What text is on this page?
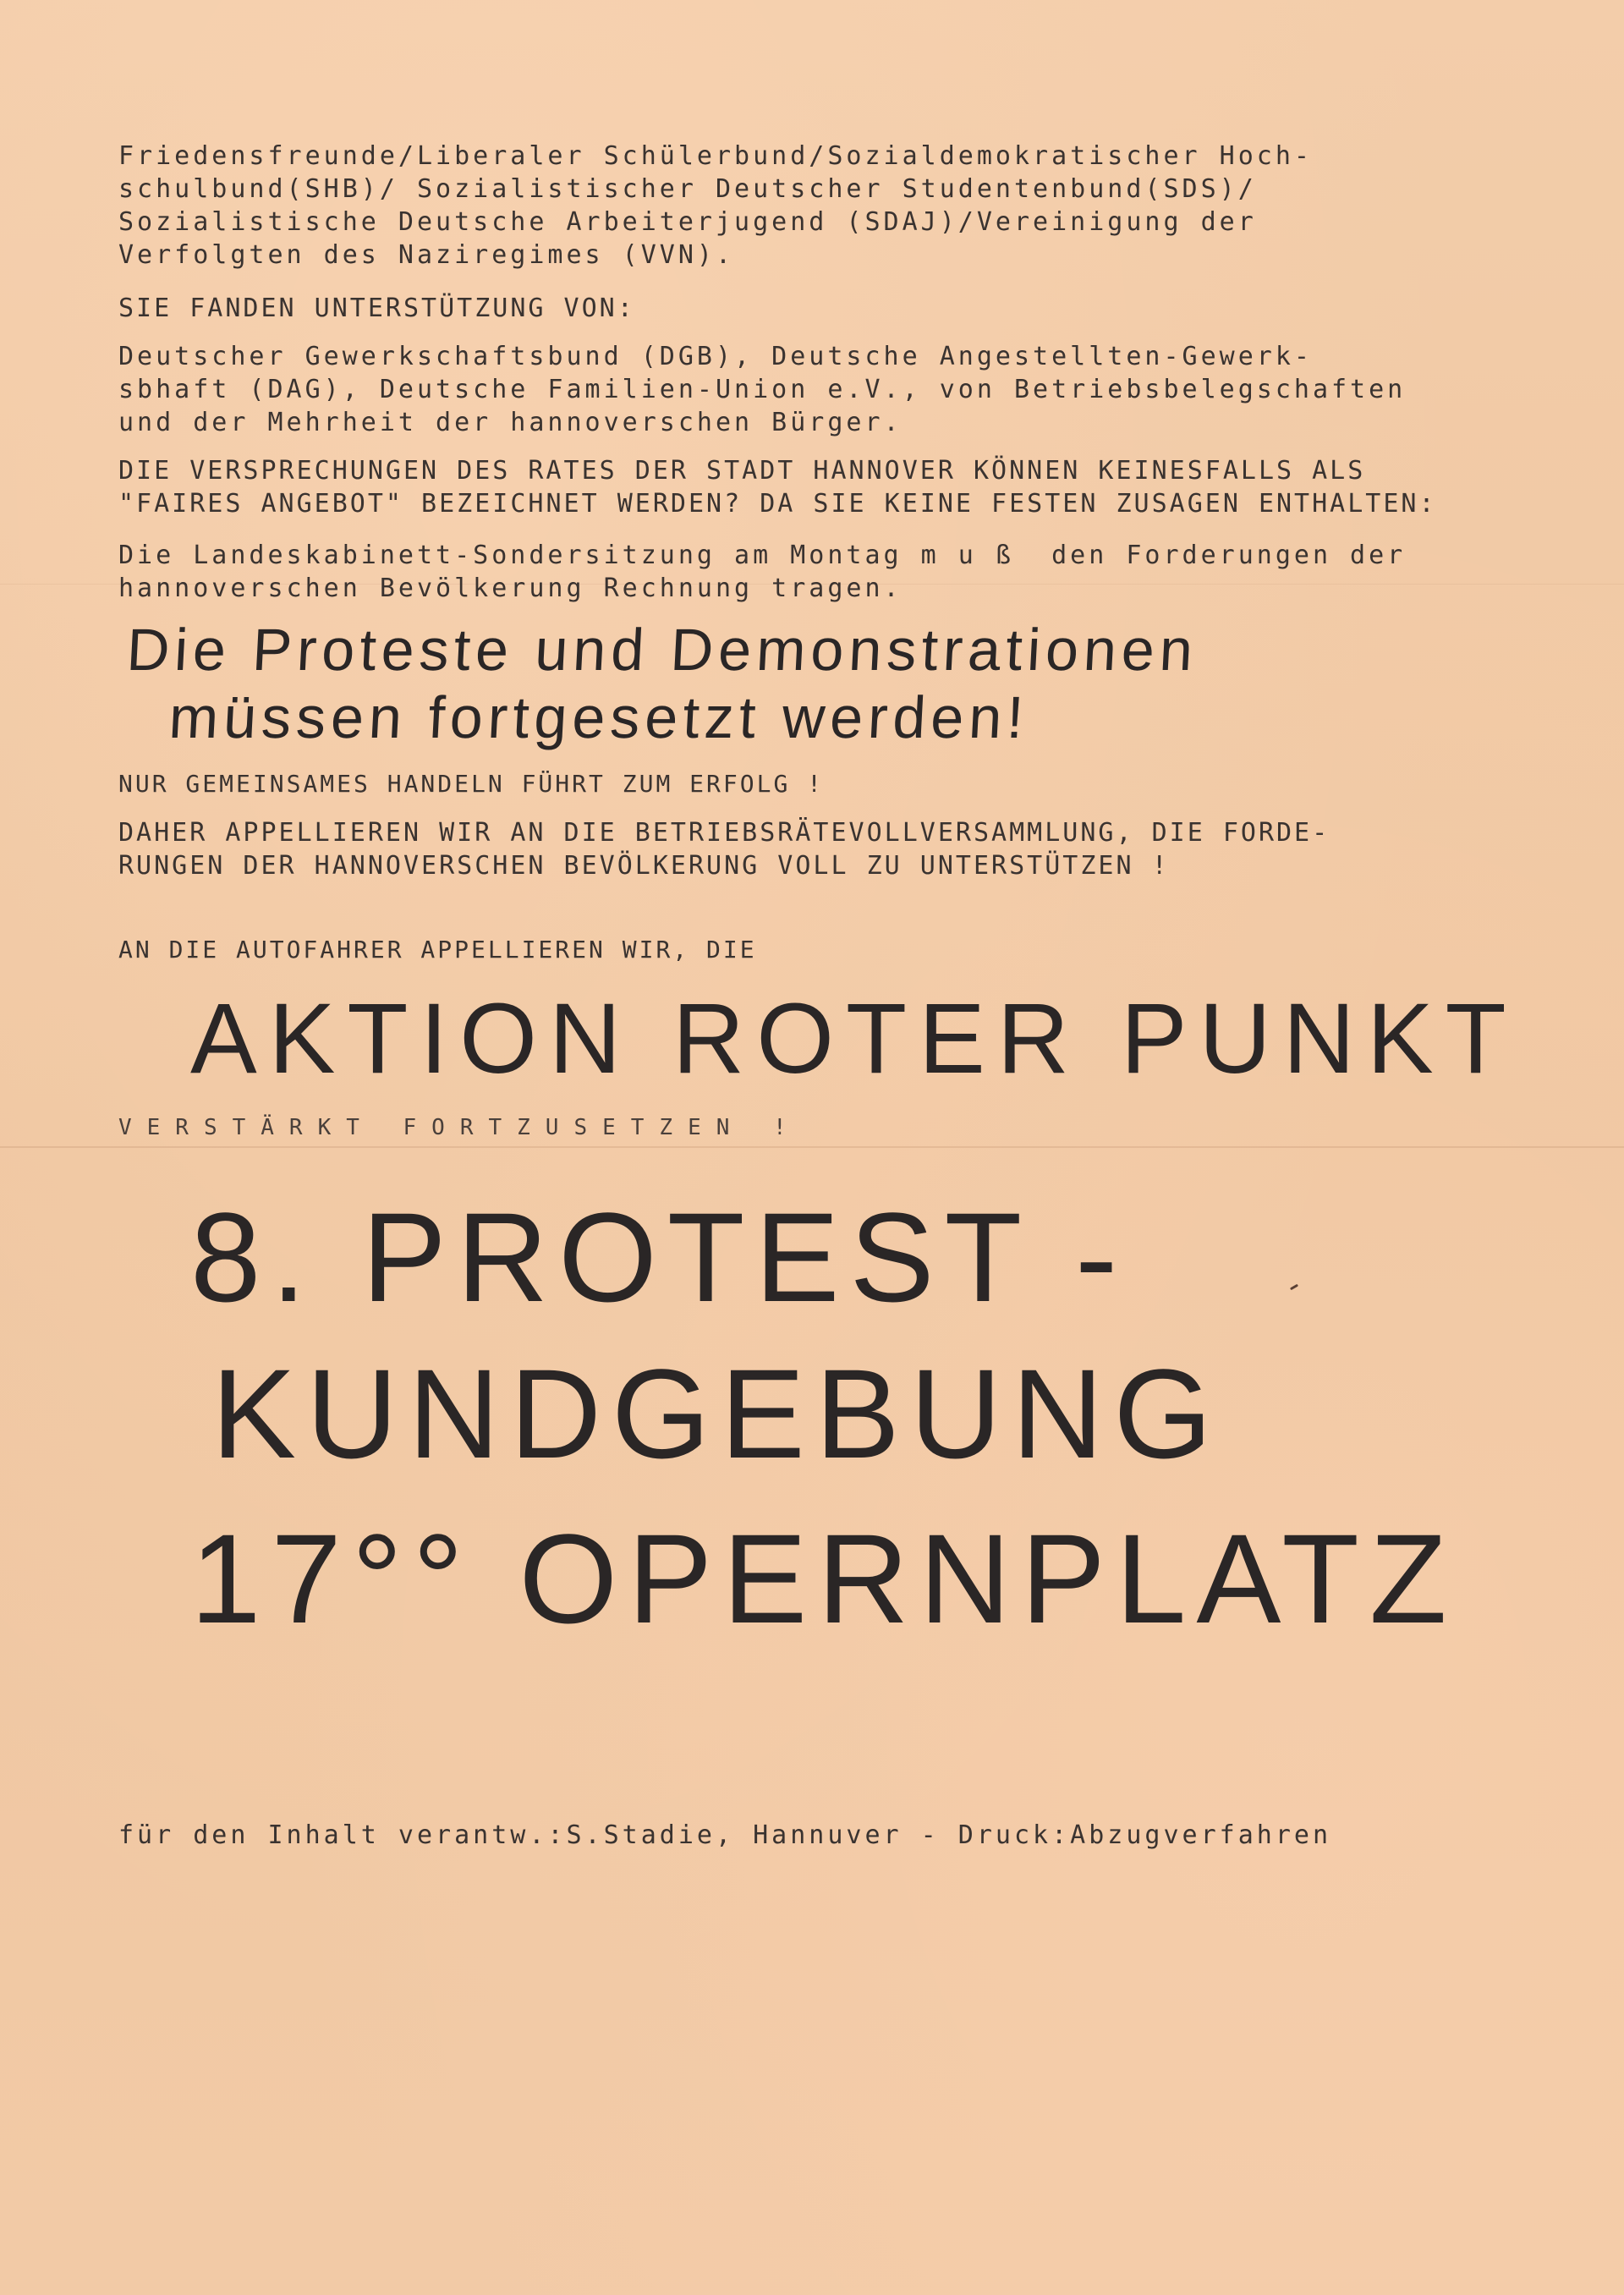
Friedensfreunde/Liberaler Schülerbund/Sozialdemokratischer Hoch-
schulbund(SHB)/ Sozialistischer Deutscher Studentenbund(SDS)/
Sozialistische Deutsche Arbeiterjugend (SDAJ)/Vereinigung der
Verfolgten des Naziregimes (VVN).
SIE FANDEN UNTERSTÜTZUNG VON:
Deutscher Gewerkschaftsbund (DGB), Deutsche Angestellten-Gewerk-
sbhaft (DAG), Deutsche Familien-Union e.V., von Betriebsbelegschaften
und der Mehrheit der hannoverschen Bürger.
DIE VERSPRECHUNGEN DES RATES DER STADT HANNOVER KÖNNEN KEINESFALLS ALS
"FAIRES ANGEBOT" BEZEICHNET WERDEN? DA SIE KEINE FESTEN ZUSAGEN ENTHALTEN:
Die Landeskabinett-Sondersitzung am Montag m u ß  den Forderungen der
hannoverschen Bevölkerung Rechnung tragen.
Die Proteste und Demonstrationen
müssen fortgesetzt werden!
NUR GEMEINSAMES HANDELN FÜHRT ZUM ERFOLG !
DAHER APPELLIEREN WIR AN DIE BETRIEBSRÄTEVOLLVERSAMMLUNG, DIE FORDE-
RUNGEN DER HANNOVERSCHEN BEVÖLKERUNG VOLL ZU UNTERSTÜTZEN !
AN DIE AUTOFAHRER APPELLIEREN WIR, DIE
AKTION ROTER PUNKT
VERSTÄRKT FORTZUSETZEN !
8. PROTEST -
KUNDGEBUNG
17°° OPERNPLATZ
für den Inhalt verantw.:S.Stadie, Hannuver - Druck:Abzugverfahren
